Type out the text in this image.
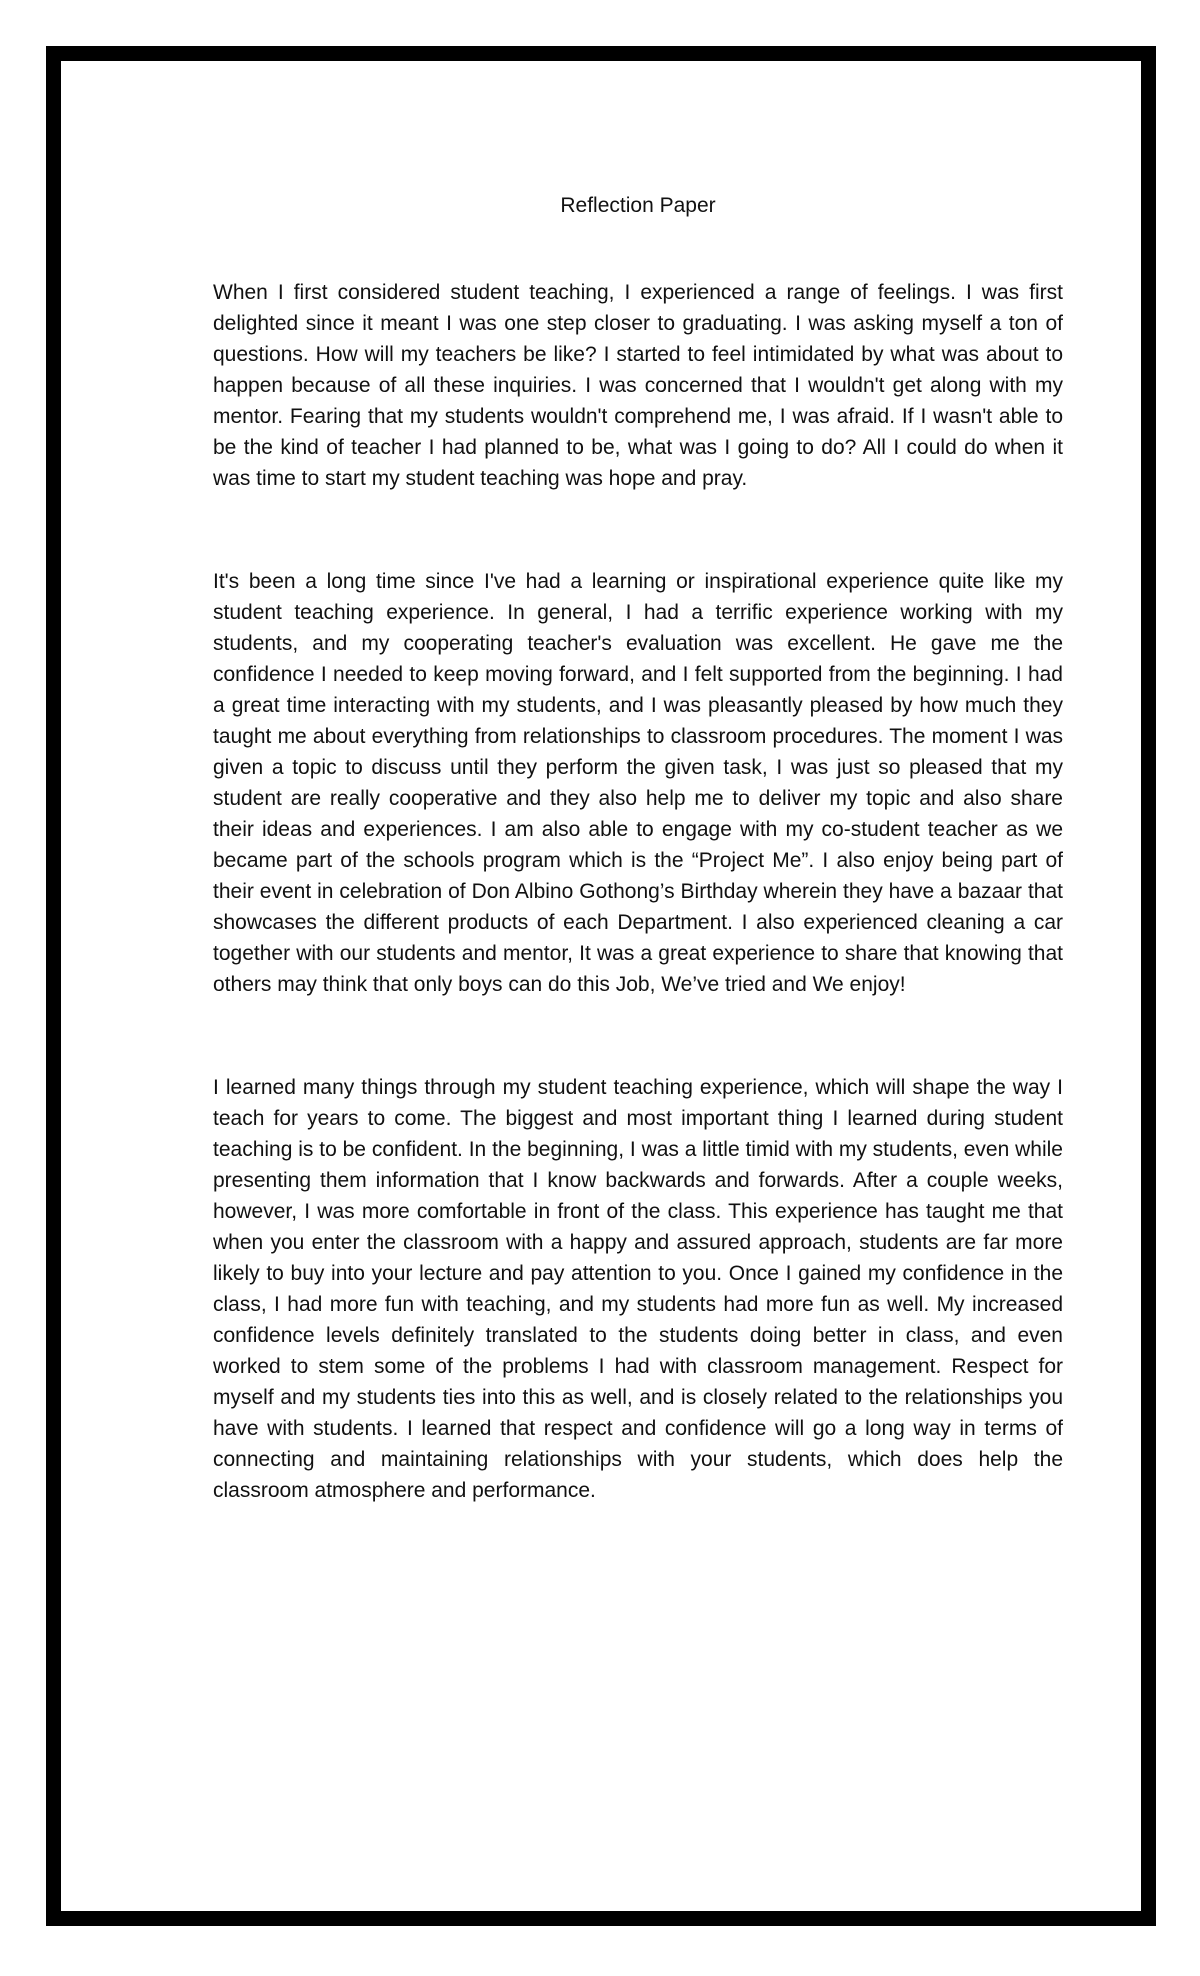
Reflection Paper

When I first considered student teaching, I experienced a range of feelings. I was first delighted since it meant I was one step closer to graduating. I was asking myself a ton of questions. How will my teachers be like? I started to feel intimidated by what was about to happen because of all these inquiries. I was concerned that I wouldn't get along with my mentor. Fearing that my students wouldn't comprehend me, I was afraid. If I wasn't able to be the kind of teacher I had planned to be, what was I going to do? All I could do when it was time to start my student teaching was hope and pray.

It's been a long time since I've had a learning or inspirational experience quite like my student teaching experience. In general, I had a terrific experience working with my students, and my cooperating teacher's evaluation was excellent. He gave me the confidence I needed to keep moving forward, and I felt supported from the beginning. I had a great time interacting with my students, and I was pleasantly pleased by how much they taught me about everything from relationships to classroom procedures. The moment I was given a topic to discuss until they perform the given task, I was just so pleased that my student are really cooperative and they also help me to deliver my topic and also share their ideas and experiences. I am also able to engage with my co-student teacher as we became part of the schools program which is the “Project Me”. I also enjoy being part of their event in celebration of Don Albino Gothong’s Birthday wherein they have a bazaar that showcases the different products of each Department. I also experienced cleaning a car together with our students and mentor, It was a great experience to share that knowing that others may think that only boys can do this Job, We’ve tried and We enjoy!

I learned many things through my student teaching experience, which will shape the way I teach for years to come. The biggest and most important thing I learned during student teaching is to be confident. In the beginning, I was a little timid with my students, even while presenting them information that I know backwards and forwards. After a couple weeks, however, I was more comfortable in front of the class. This experience has taught me that when you enter the classroom with a happy and assured approach, students are far more likely to buy into your lecture and pay attention to you. Once I gained my confidence in the class, I had more fun with teaching, and my students had more fun as well. My increased confidence levels definitely translated to the students doing better in class, and even worked to stem some of the problems I had with classroom management. Respect for myself and my students ties into this as well, and is closely related to the relationships you have with students. I learned that respect and confidence will go a long way in terms of connecting and maintaining relationships with your students, which does help the classroom atmosphere and performance.
